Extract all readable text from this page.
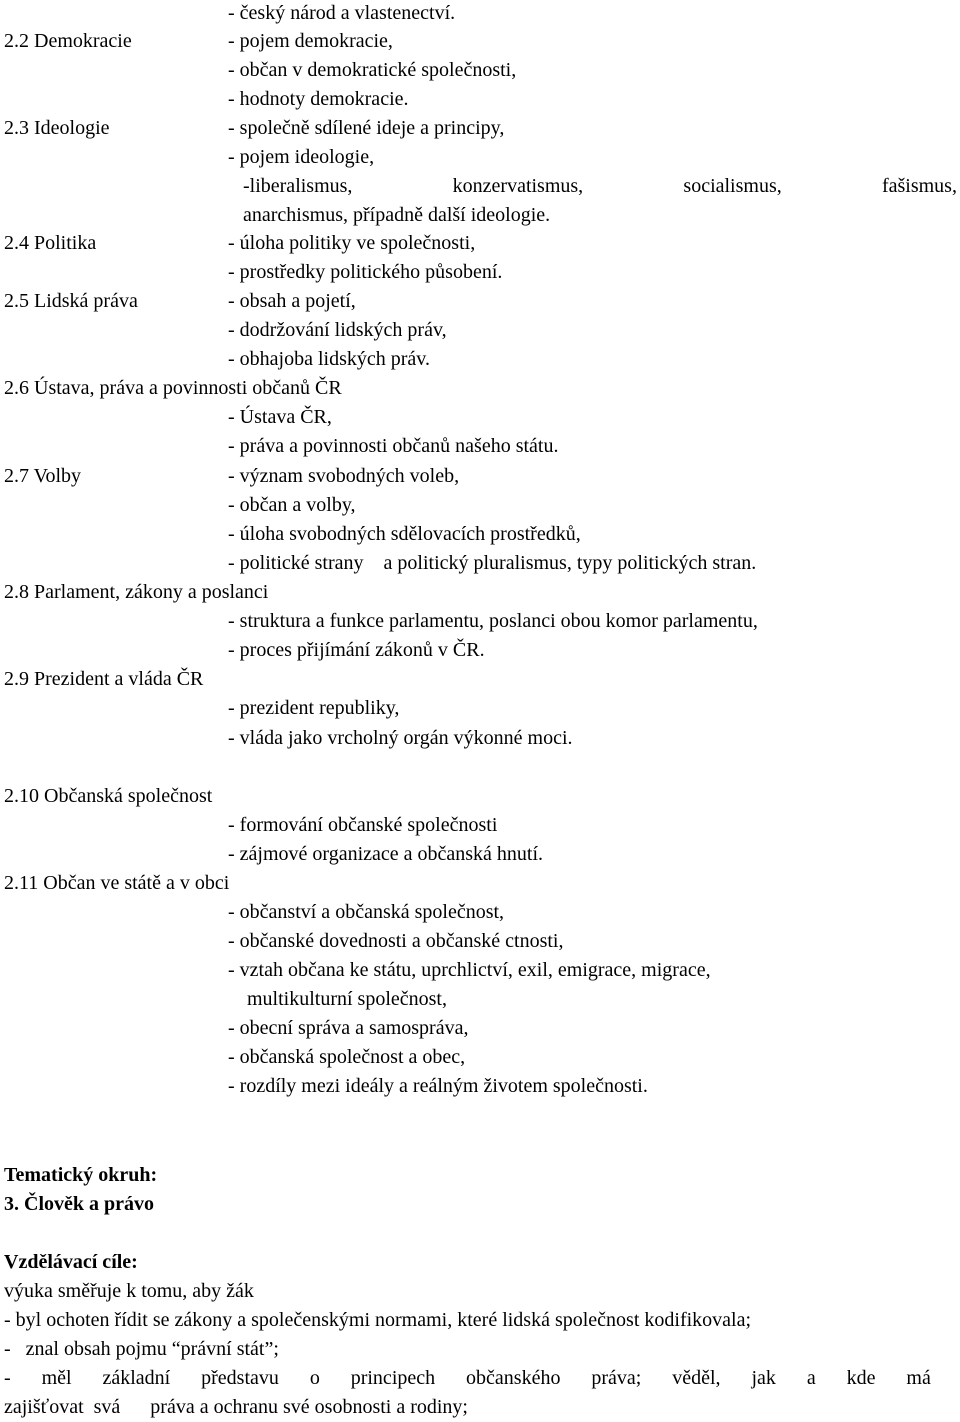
- český národ a vlastenectví.
2.2 Demokracie	- pojem demokracie,
- občan v demokratické společnosti,
- hodnoty demokracie.
2.3 Ideologie	- společně sdílené ideje a principy,
- pojem ideologie,
-liberalismus,	konzervatismus,	socialismus,	fašismus,
anarchismus, případně další ideologie.
2.4 Politika	- úloha politiky ve společnosti,
- prostředky politického působení.
2.5 Lidská práva	- obsah a pojetí,
- dodržování lidských práv,
- obhajoba lidských práv.
2.6 Ústava, práva a povinnosti občanů ČR
- Ústava ČR,
- práva a povinnosti občanů našeho státu.
2.7 Volby	- význam svobodných voleb,
- občan a volby,
- úloha svobodných sdělovacích prostředků,
- politické strany    a politický pluralismus, typy politických stran.
2.8 Parlament, zákony a poslanci
- struktura a funkce parlamentu, poslanci obou komor parlamentu,
- proces přijímání zákonů v ČR.
2.9 Prezident a vláda ČR
- prezident republiky,
- vláda jako vrcholný orgán výkonné moci.
2.10 Občanská společnost
- formování občanské společnosti
- zájmové organizace a občanská hnutí.
2.11 Občan ve státě a v obci
- občanství a občanská společnost,
- občanské dovednosti a občanské ctnosti,
- vztah občana ke státu, uprchlictví, exil, emigrace, migrace,
multikulturní společnost,
- obecní správa a samospráva,
- občanská společnost a obec,
- rozdíly mezi ideály a reálným životem společnosti.
Tematický okruh:
3. Člověk a právo
Vzdělávací cíle:
výuka směřuje k tomu, aby žák
- byl ochoten řídit se zákony a společenskými normami, které lidská společnost kodifikovala;
-   znal obsah pojmu “právní stát”;
- měl základní představu o principech občanského práva; věděl, jak a kde má
zajišťovat  svá      práva a ochranu své osobnosti a rodiny;
